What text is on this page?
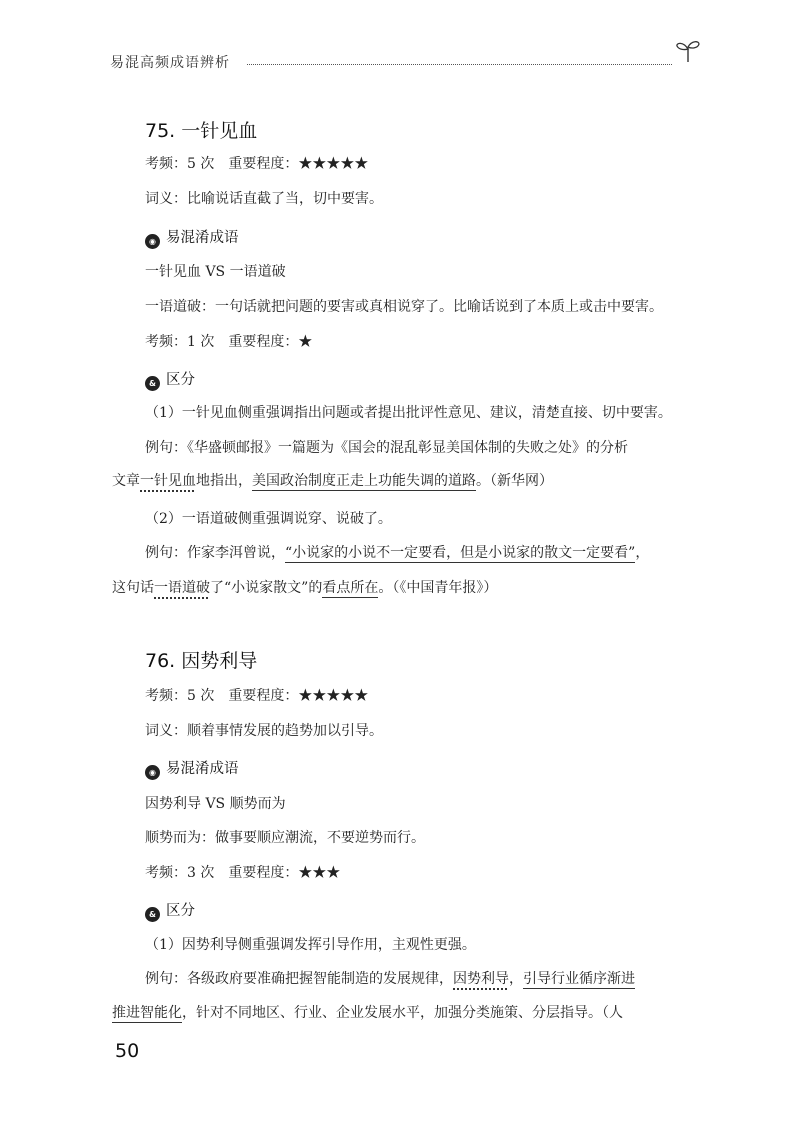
易混高频成语辨析
75. 一针见血
考频：5 次　重要程度：★★★★★
词义：比喻说话直截了当，切中要害。
◉ 易混淆成语
一针见血 VS 一语道破
一语道破：一句话就把问题的要害或真相说穿了。比喻话说到了本质上或击中要害。
考频：1 次　重要程度：★
& 区分
（1）一针见血侧重强调指出问题或者提出批评性意见、建议，清楚直接、切中要害。
例句：《华盛顿邮报》一篇题为《国会的混乱彰显美国体制的失败之处》的分析
文章一针见血地指出，美国政治制度正走上功能失调的道路。（新华网）
（2）一语道破侧重强调说穿、说破了。
例句：作家李洱曾说，“小说家的小说不一定要看，但是小说家的散文一定要看”，
这句话一语道破了“小说家散文”的看点所在。（《中国青年报》）
76. 因势利导
考频：5 次　重要程度：★★★★★
词义：顺着事情发展的趋势加以引导。
◉ 易混淆成语
因势利导 VS 顺势而为
顺势而为：做事要顺应潮流，不要逆势而行。
考频：3 次　重要程度：★★★
& 区分
（1）因势利导侧重强调发挥引导作用，主观性更强。
例句：各级政府要准确把握智能制造的发展规律，因势利导，引导行业循序渐进
推进智能化，针对不同地区、行业、企业发展水平，加强分类施策、分层指导。（人
50
